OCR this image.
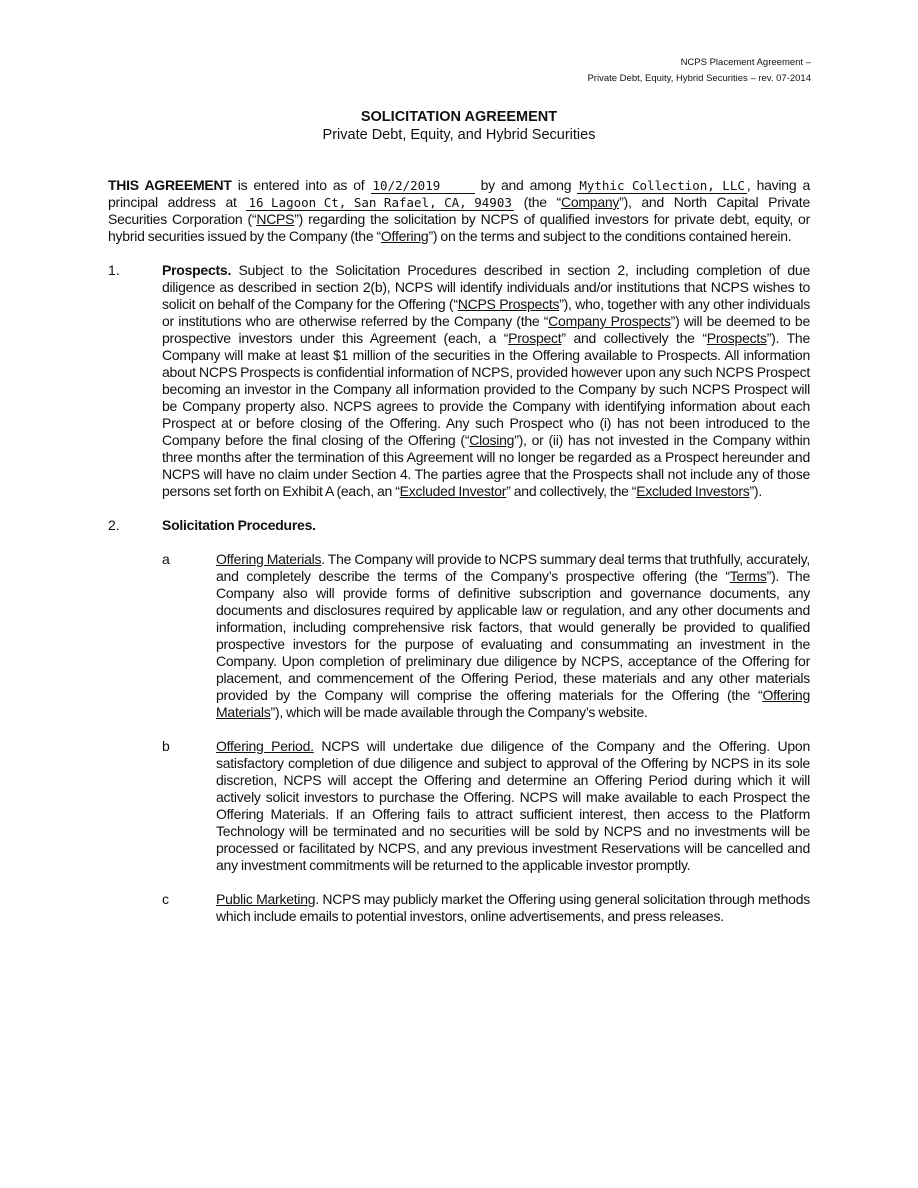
NCPS Placement Agreement –
Private Debt, Equity, Hybrid Securities – rev. 07-2014
SOLICITATION AGREEMENT
Private Debt, Equity, and Hybrid Securities
THIS AGREEMENT is entered into as of 10/2/2019 by and among Mythic Collection, LLC , having a principal address at 16 Lagoon Ct, San Rafael, CA, 94903 (the “Company”), and North Capital Private Securities Corporation (“NCPS”) regarding the solicitation by NCPS of qualified investors for private debt, equity, or hybrid securities issued by the Company (the “Offering”) on the terms and subject to the conditions contained herein.
1.	Prospects. Subject to the Solicitation Procedures described in section 2, including completion of due diligence as described in section 2(b), NCPS will identify individuals and/or institutions that NCPS wishes to solicit on behalf of the Company for the Offering (“NCPS Prospects”), who, together with any other individuals or institutions who are otherwise referred by the Company (the “Company Prospects”) will be deemed to be prospective investors under this Agreement (each, a “Prospect” and collectively the “Prospects”). The Company will make at least $1 million of the securities in the Offering available to Prospects. All information about NCPS Prospects is confidential information of NCPS, provided however upon any such NCPS Prospect becoming an investor in the Company all information provided to the Company by such NCPS Prospect will be Company property also. NCPS agrees to provide the Company with identifying information about each Prospect at or before closing of the Offering. Any such Prospect who (i) has not been introduced to the Company before the final closing of the Offering (“Closing”), or (ii) has not invested in the Company within three months after the termination of this Agreement will no longer be regarded as a Prospect hereunder and NCPS will have no claim under Section 4. The parties agree that the Prospects shall not include any of those persons set forth on Exhibit A (each, an “Excluded Investor” and collectively, the “Excluded Investors”).
2.	Solicitation Procedures.
a	Offering Materials. The Company will provide to NCPS summary deal terms that truthfully, accurately, and completely describe the terms of the Company’s prospective offering (the “Terms”). The Company also will provide forms of definitive subscription and governance documents, any documents and disclosures required by applicable law or regulation, and any other documents and information, including comprehensive risk factors, that would generally be provided to qualified prospective investors for the purpose of evaluating and consummating an investment in the Company. Upon completion of preliminary due diligence by NCPS, acceptance of the Offering for placement, and commencement of the Offering Period, these materials and any other materials provided by the Company will comprise the offering materials for the Offering (the “Offering Materials”), which will be made available through the Company’s website.
b	Offering Period. NCPS will undertake due diligence of the Company and the Offering. Upon satisfactory completion of due diligence and subject to approval of the Offering by NCPS in its sole discretion, NCPS will accept the Offering and determine an Offering Period during which it will actively solicit investors to purchase the Offering. NCPS will make available to each Prospect the Offering Materials. If an Offering fails to attract sufficient interest, then access to the Platform Technology will be terminated and no securities will be sold by NCPS and no investments will be processed or facilitated by NCPS, and any previous investment Reservations will be cancelled and any investment commitments will be returned to the applicable investor promptly.
c	Public Marketing. NCPS may publicly market the Offering using general solicitation through methods which include emails to potential investors, online advertisements, and press releases.
